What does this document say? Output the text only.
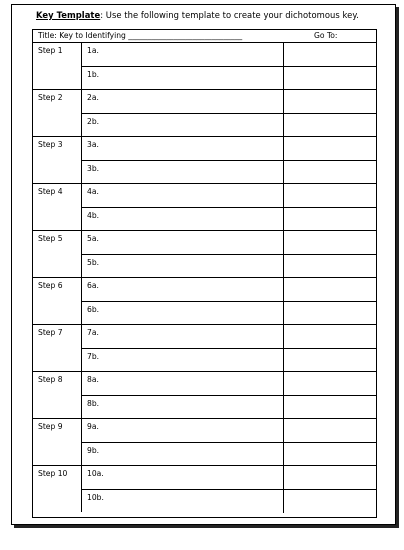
Key Template: Use the following template to create your dichotomous key.
Title: Key to Identifying ______________________________	Go To:
Step 1	1a.
1b.
Step 2	2a.
2b.
Step 3	3a.
3b.
Step 4	4a.
4b.
Step 5	5a.
5b.
Step 6	6a.
6b.
Step 7	7a.
7b.
Step 8	8a.
8b.
Step 9	9a.
9b.
Step 10	10a.
10b.
